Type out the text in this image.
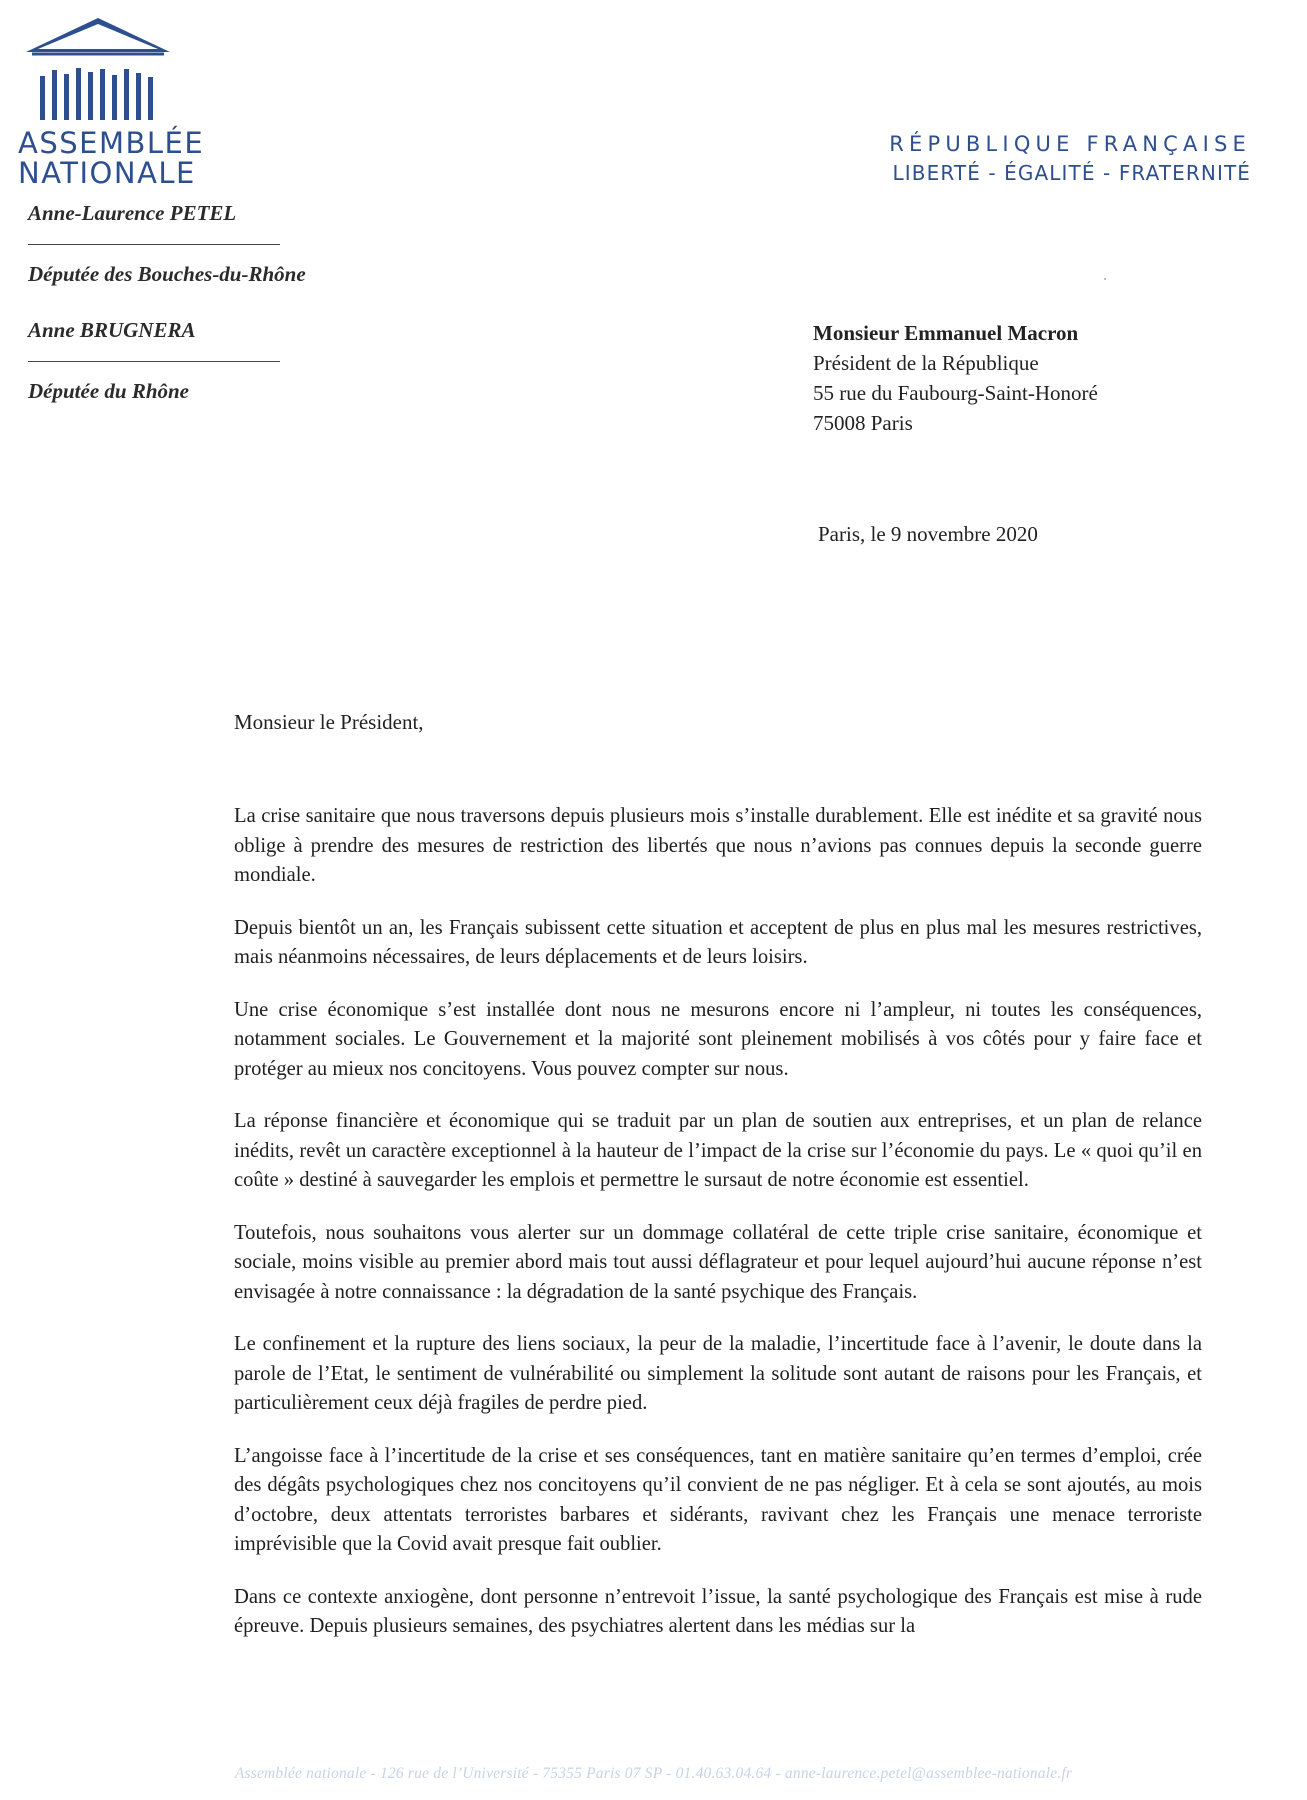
ASSEMBLÉE
NATIONALE
RÉPUBLIQUE FRANÇAISE
LIBERTÉ - ÉGALITÉ - FRATERNITÉ
Anne-Laurence PETEL
Députée des Bouches-du-Rhône
Anne BRUGNERA
Députée du Rhône
Monsieur Emmanuel Macron
Président de la République
55 rue du Faubourg-Saint-Honoré
75008 Paris
Paris, le 9 novembre 2020
Monsieur le Président,

La crise sanitaire que nous traversons depuis plusieurs mois s’installe durablement. Elle est inédite et sa gravité nous oblige à prendre des mesures de restriction des libertés que nous n’avions pas connues depuis la seconde guerre mondiale.

Depuis bientôt un an, les Français subissent cette situation et acceptent de plus en plus mal les mesures restrictives, mais néanmoins nécessaires, de leurs déplacements et de leurs loisirs.

Une crise économique s’est installée dont nous ne mesurons encore ni l’ampleur, ni toutes les conséquences, notamment sociales. Le Gouvernement et la majorité sont pleinement mobilisés à vos côtés pour y faire face et protéger au mieux nos concitoyens. Vous pouvez compter sur nous.

La réponse financière et économique qui se traduit par un plan de soutien aux entreprises, et un plan de relance inédits, revêt un caractère exceptionnel à la hauteur de l’impact de la crise sur l’économie du pays. Le « quoi qu’il en coûte » destiné à sauvegarder les emplois et permettre le sursaut de notre économie est essentiel.

Toutefois, nous souhaitons vous alerter sur un dommage collatéral de cette triple crise sanitaire, économique et sociale, moins visible au premier abord mais tout aussi déflagrateur et pour lequel aujourd’hui aucune réponse n’est envisagée à notre connaissance : la dégradation de la santé psychique des Français.

Le confinement et la rupture des liens sociaux, la peur de la maladie, l’incertitude face à l’avenir, le doute dans la parole de l’Etat, le sentiment de vulnérabilité ou simplement la solitude sont autant de raisons pour les Français, et particulièrement ceux déjà fragiles de perdre pied.

L’angoisse face à l’incertitude de la crise et ses conséquences, tant en matière sanitaire qu’en termes d’emploi, crée des dégâts psychologiques chez nos concitoyens qu’il convient de ne pas négliger. Et à cela se sont ajoutés, au mois d’octobre, deux attentats terroristes barbares et sidérants, ravivant chez les Français une menace terroriste imprévisible que la Covid avait presque fait oublier.

Dans ce contexte anxiogène, dont personne n’entrevoit l’issue, la santé psychologique des Français est mise à rude épreuve. Depuis plusieurs semaines, des psychiatres alertent dans les médias sur la

Assemblée nationale - 126 rue de l’Université - 75355 Paris 07 SP - 01.40.63.04.64 - anne-laurence.petel@assemblee-nationale.fr
